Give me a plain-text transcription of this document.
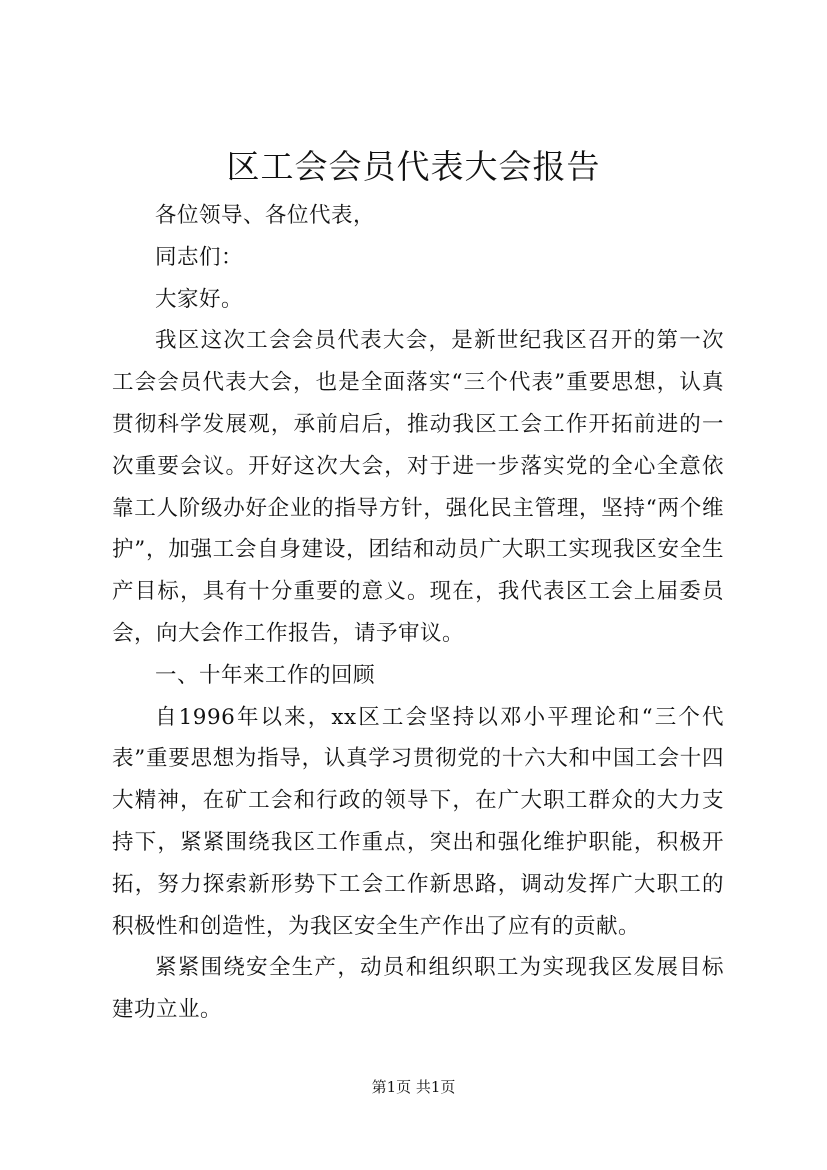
区工会会员代表大会报告

各位领导、各位代表，

同志们：

大家好。

我区这次工会会员代表大会，是新世纪我区召开的第一次工会会员代表大会，也是全面落实“三个代表”重要思想，认真贯彻科学发展观，承前启后，推动我区工会工作开拓前进的一次重要会议。开好这次大会，对于进一步落实党的全心全意依靠工人阶级办好企业的指导方针，强化民主管理，坚持“两个维护”，加强工会自身建设，团结和动员广大职工实现我区安全生产目标，具有十分重要的意义。现在，我代表区工会上届委员会，向大会作工作报告，请予审议。

一、十年来工作的回顾

自1996年以来，xx区工会坚持以邓小平理论和“三个代表”重要思想为指导，认真学习贯彻党的十六大和中国工会十四大精神，在矿工会和行政的领导下，在广大职工群众的大力支持下，紧紧围绕我区工作重点，突出和强化维护职能，积极开拓，努力探索新形势下工会工作新思路，调动发挥广大职工的积极性和创造性，为我区安全生产作出了应有的贡献。

紧紧围绕安全生产，动员和组织职工为实现我区发展目标建功立业。

第1页 共1页
